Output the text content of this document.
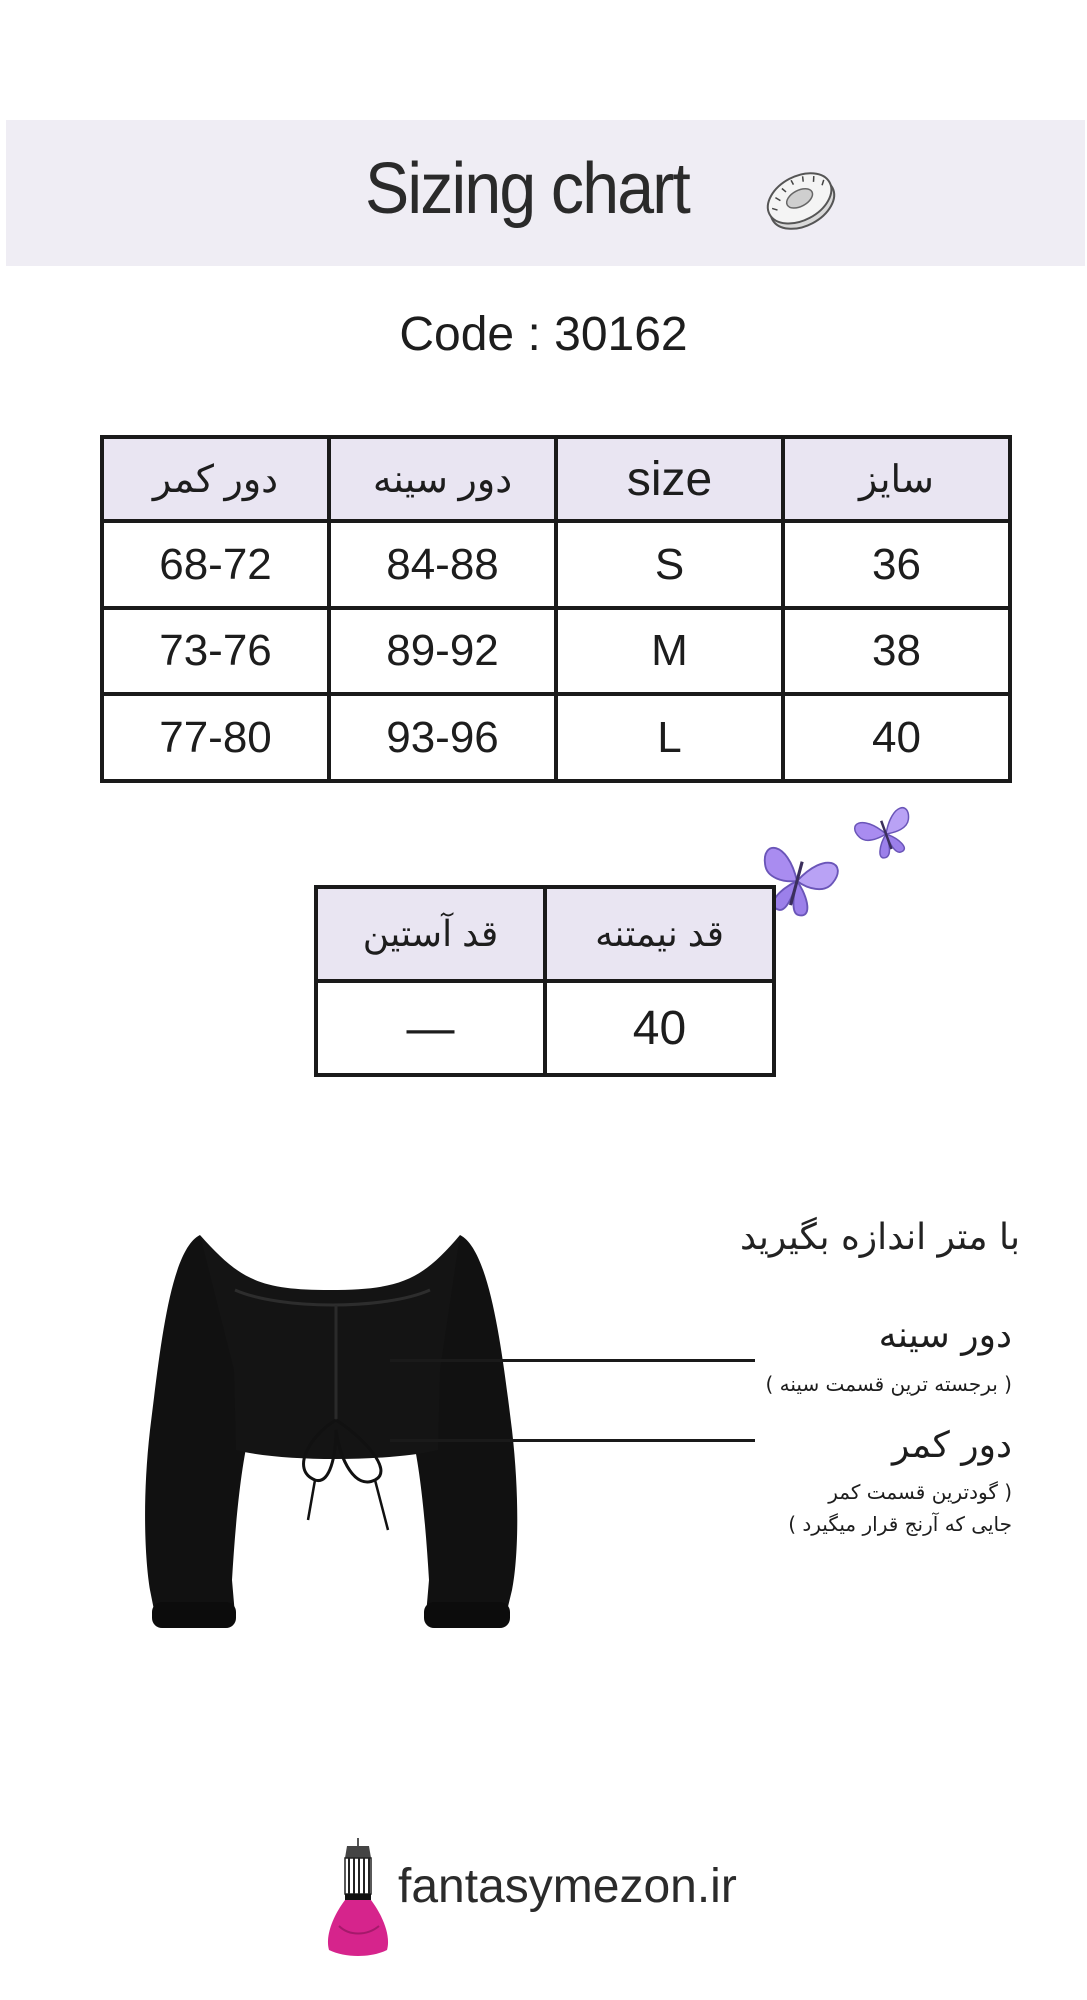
Sizing chart
Code : 30162
دور کمر	دور سینه	size	سایز
68-72	84-88	S	36
73-76	89-92	M	38
77-80	93-96	L	40
قد آستین	قد نیمتنه
—	40
با متر اندازه بگیرید
دور سینه
( برجسته ترین قسمت سینه )
دور کمر
( گودترین قسمت کمر
جایی که آرنج قرار میگیرد )
fantasymezon.ir
